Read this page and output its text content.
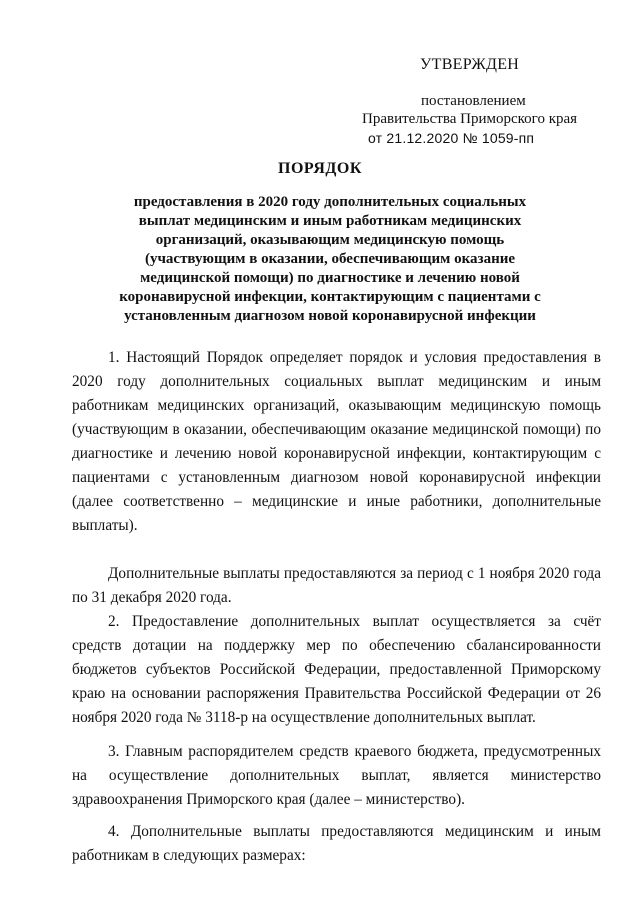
УТВЕРЖДЕН
постановлением
Правительства Приморского края
от 21.12.2020 № 1059-пп
ПОРЯДОК
предоставления в 2020 году дополнительных социальных выплат медицинским и иным работникам медицинских организаций, оказывающим медицинскую помощь (участвующим в оказании, обеспечивающим оказание медицинской помощи) по диагностике и лечению новой коронавирусной инфекции, контактирующим с пациентами с установленным диагнозом новой коронавирусной инфекции
1. Настоящий Порядок определяет порядок и условия предоставления в 2020 году дополнительных социальных выплат медицинским и иным работникам медицинских организаций, оказывающим медицинскую помощь (участвующим в оказании, обеспечивающим оказание медицинской помощи) по диагностике и лечению новой коронавирусной инфекции, контактирующим с пациентами с установленным диагнозом новой коронавирусной инфекции (далее соответственно – медицинские и иные работники, дополнительные выплаты).
Дополнительные выплаты предоставляются за период с 1 ноября 2020 года по 31 декабря 2020 года.
2. Предоставление дополнительных выплат осуществляется за счёт средств дотации на поддержку мер по обеспечению сбалансированности бюджетов субъектов Российской Федерации, предоставленной Приморскому краю на основании распоряжения Правительства Российской Федерации от 26 ноября 2020 года № 3118-р на осуществление дополнительных выплат.
3. Главным распорядителем средств краевого бюджета, предусмотренных на осуществление дополнительных выплат, является министерство здравоохранения Приморского края (далее – министерство).
4. Дополнительные выплаты предоставляются медицинским и иным работникам в следующих размерах:
